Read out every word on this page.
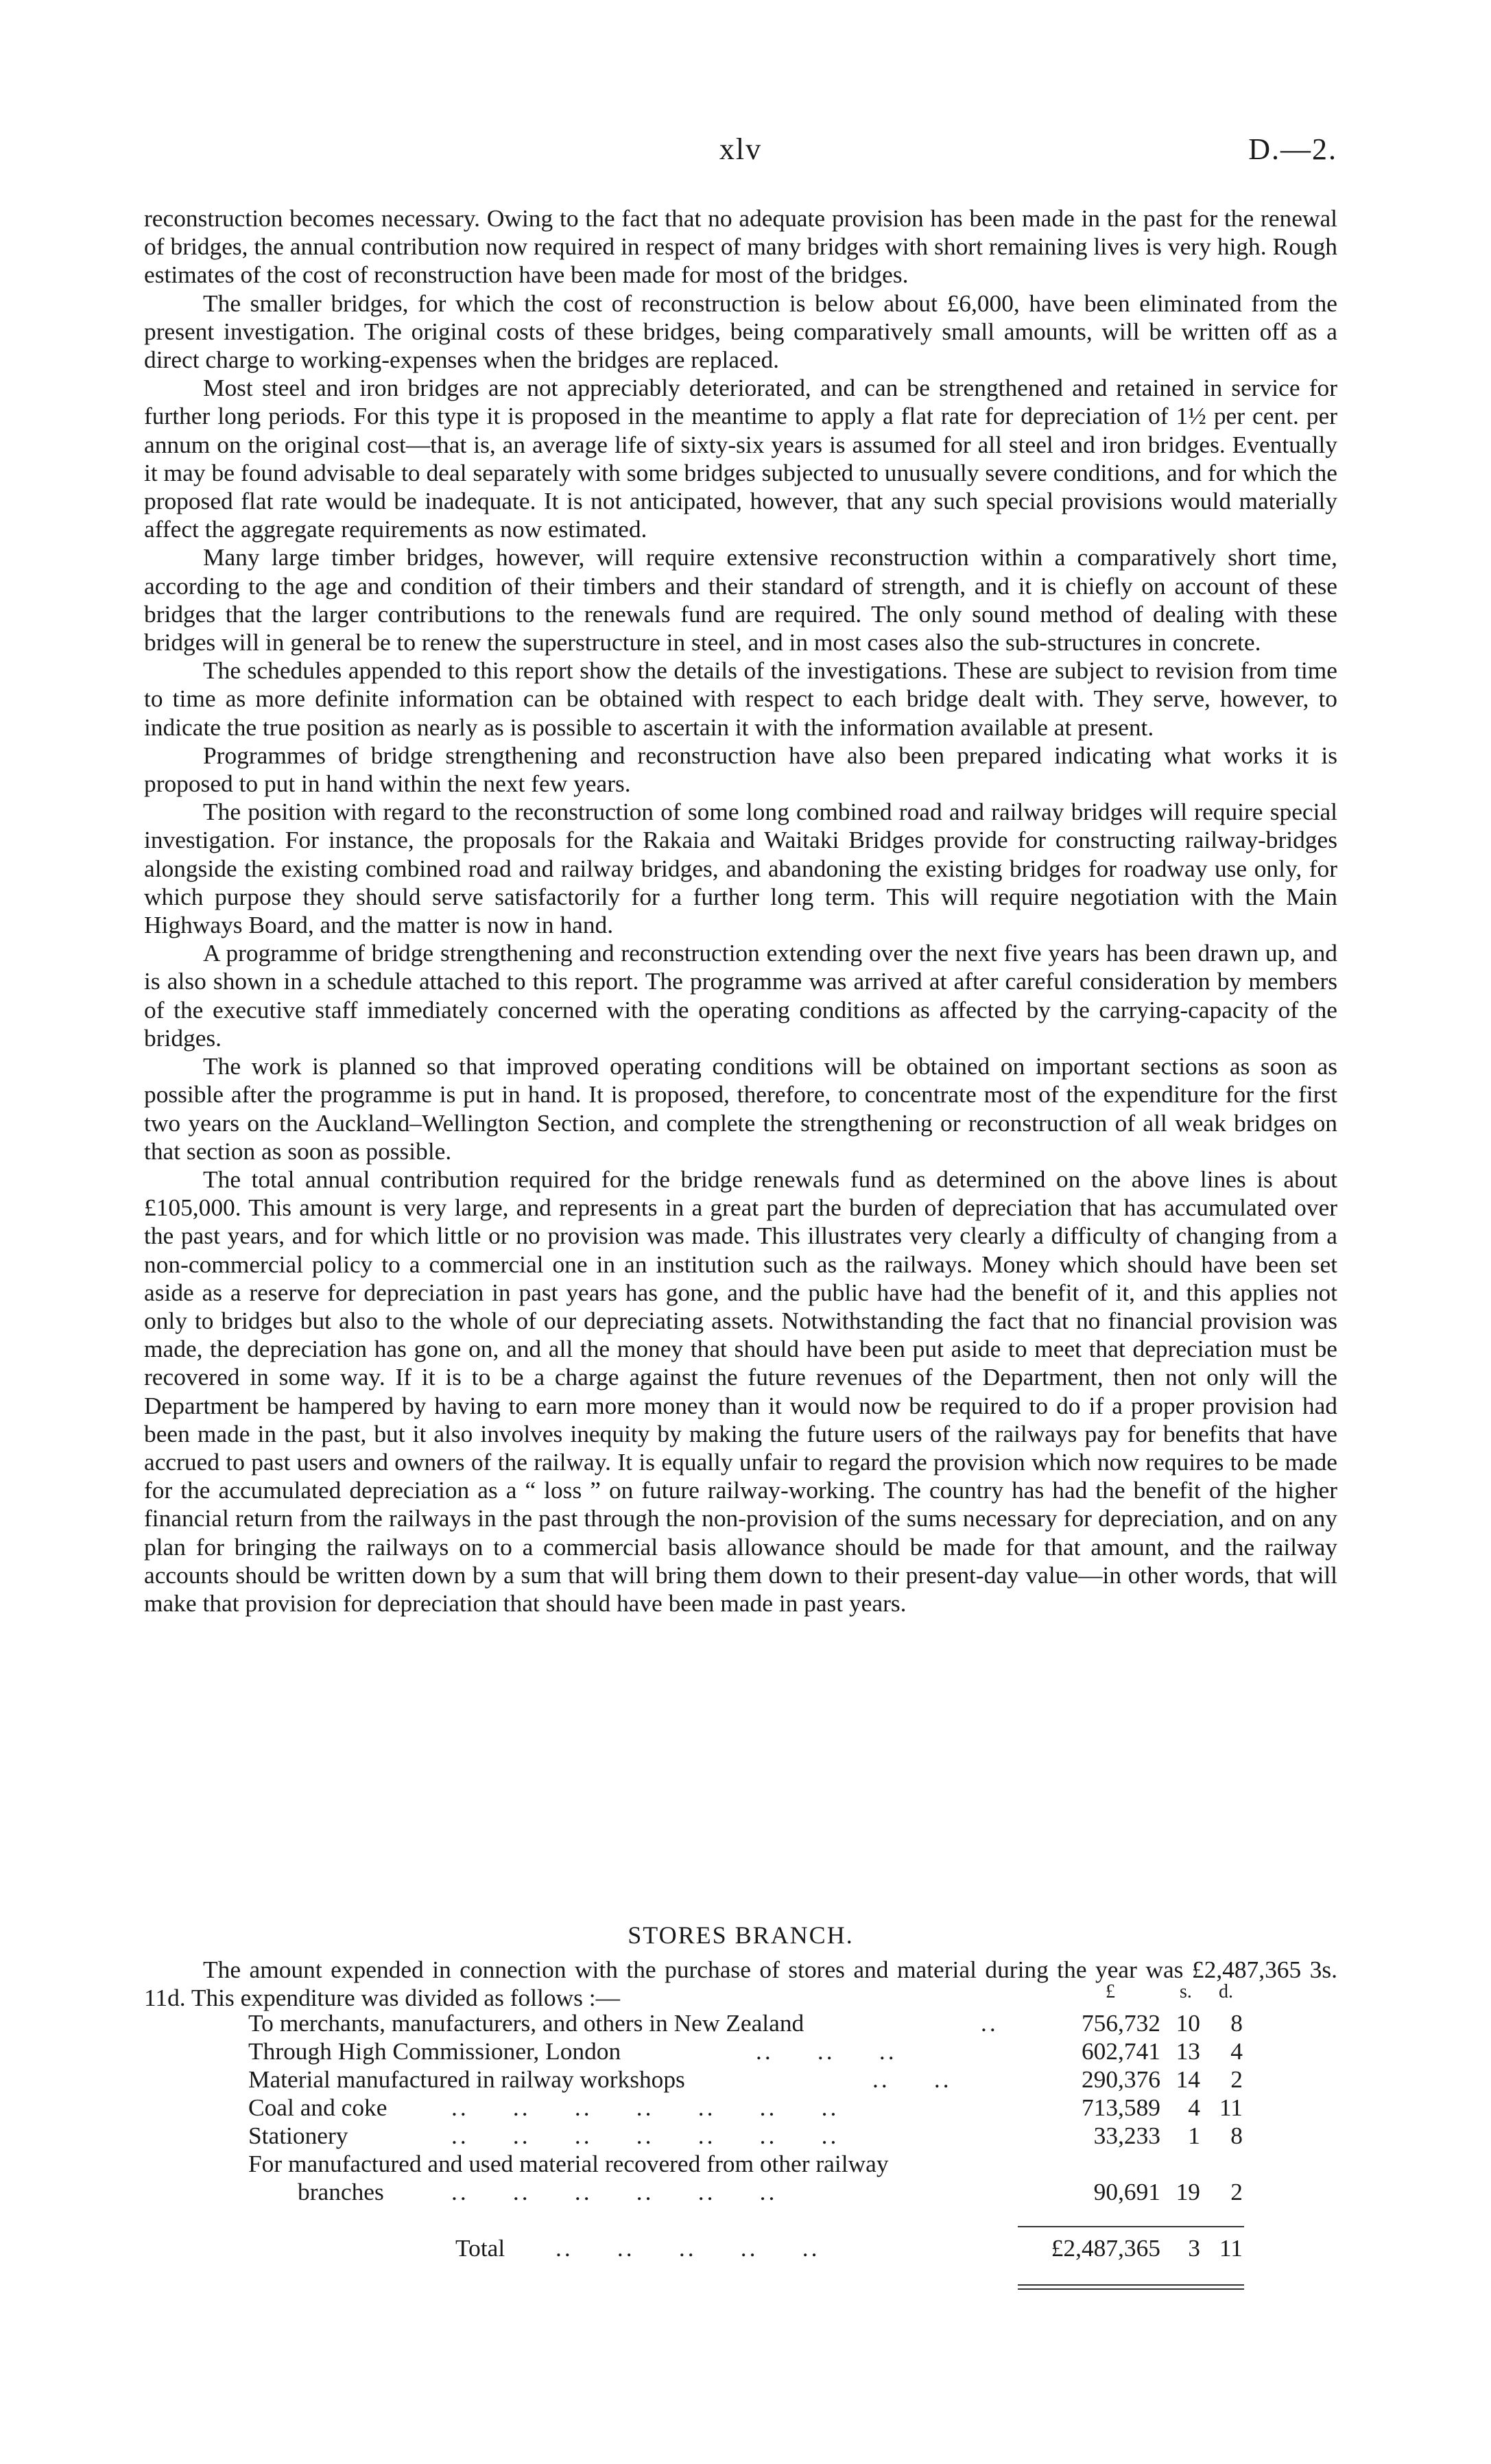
xlv	D.—2.

reconstruction becomes necessary. Owing to the fact that no adequate provision has been made in the past for the renewal of bridges, the annual contribution now required in respect of many bridges with short remaining lives is very high. Rough estimates of the cost of reconstruction have been made for most of the bridges.

The smaller bridges, for which the cost of reconstruction is below about £6,000, have been eliminated from the present investigation. The original costs of these bridges, being comparatively small amounts, will be written off as a direct charge to working-expenses when the bridges are replaced.

Most steel and iron bridges are not appreciably deteriorated, and can be strengthened and retained in service for further long periods. For this type it is proposed in the meantime to apply a flat rate for depreciation of 1½ per cent. per annum on the original cost—that is, an average life of sixty-six years is assumed for all steel and iron bridges. Eventually it may be found advisable to deal separately with some bridges subjected to unusually severe conditions, and for which the proposed flat rate would be inadequate. It is not anticipated, however, that any such special provisions would materially affect the aggregate requirements as now estimated.

Many large timber bridges, however, will require extensive reconstruction within a comparatively short time, according to the age and condition of their timbers and their standard of strength, and it is chiefly on account of these bridges that the larger contributions to the renewals fund are required. The only sound method of dealing with these bridges will in general be to renew the superstructure in steel, and in most cases also the sub-structures in concrete.

The schedules appended to this report show the details of the investigations. These are subject to revision from time to time as more definite information can be obtained with respect to each bridge dealt with. They serve, however, to indicate the true position as nearly as is possible to ascertain it with the information available at present.

Programmes of bridge strengthening and reconstruction have also been prepared indicating what works it is proposed to put in hand within the next few years.

The position with regard to the reconstruction of some long combined road and railway bridges will require special investigation. For instance, the proposals for the Rakaia and Waitaki Bridges provide for constructing railway-bridges alongside the existing combined road and railway bridges, and abandoning the existing bridges for roadway use only, for which purpose they should serve satisfactorily for a further long term. This will require negotiation with the Main Highways Board, and the matter is now in hand.

A programme of bridge strengthening and reconstruction extending over the next five years has been drawn up, and is also shown in a schedule attached to this report. The programme was arrived at after careful consideration by members of the executive staff immediately concerned with the operating conditions as affected by the carrying-capacity of the bridges.

The work is planned so that improved operating conditions will be obtained on important sections as soon as possible after the programme is put in hand. It is proposed, therefore, to concentrate most of the expenditure for the first two years on the Auckland–Wellington Section, and complete the strengthening or reconstruction of all weak bridges on that section as soon as possible.

The total annual contribution required for the bridge renewals fund as determined on the above lines is about £105,000. This amount is very large, and represents in a great part the burden of depreciation that has accumulated over the past years, and for which little or no provision was made. This illustrates very clearly a difficulty of changing from a non-commercial policy to a commercial one in an institution such as the railways. Money which should have been set aside as a reserve for depreciation in past years has gone, and the public have had the benefit of it, and this applies not only to bridges but also to the whole of our depreciating assets. Notwithstanding the fact that no financial provision was made, the depreciation has gone on, and all the money that should have been put aside to meet that depreciation must be recovered in some way. If it is to be a charge against the future revenues of the Department, then not only will the Department be hampered by having to earn more money than it would now be required to do if a proper provision had been made in the past, but it also involves inequity by making the future users of the railways pay for benefits that have accrued to past users and owners of the railway. It is equally unfair to regard the provision which now requires to be made for the accumulated depreciation as a “ loss ” on future railway-working. The country has had the benefit of the higher financial return from the railways in the past through the non-provision of the sums necessary for depreciation, and on any plan for bringing the railways on to a commercial basis allowance should be made for that amount, and the railway accounts should be written down by a sum that will bring them down to their present-day value—in other words, that will make that provision for depreciation that should have been made in past years.

STORES BRANCH.

The amount expended in connection with the purchase of stores and material during the year was £2,487,365 3s. 11d. This expenditure was divided as follows :—	£	s. d.
To merchants, manufacturers, and others in New Zealand	..	756,732 10	8
Through High Commissioner, London	..     ..     ..	602,741 13	4
Material manufactured in railway workshops	..     ..	290,376 14	2
Coal and coke	..     ..     ..     ..     ..     ..     ..	713,589 4 11
Stationery	..     ..     ..     ..     ..     ..     ..	33,233 1	8
For manufactured and used material recovered from other railway
branches	..     ..     ..     ..     ..     ..	90,691 19	2
Total ..     ..     ..     ..     ..	£2,487,365 3 11
